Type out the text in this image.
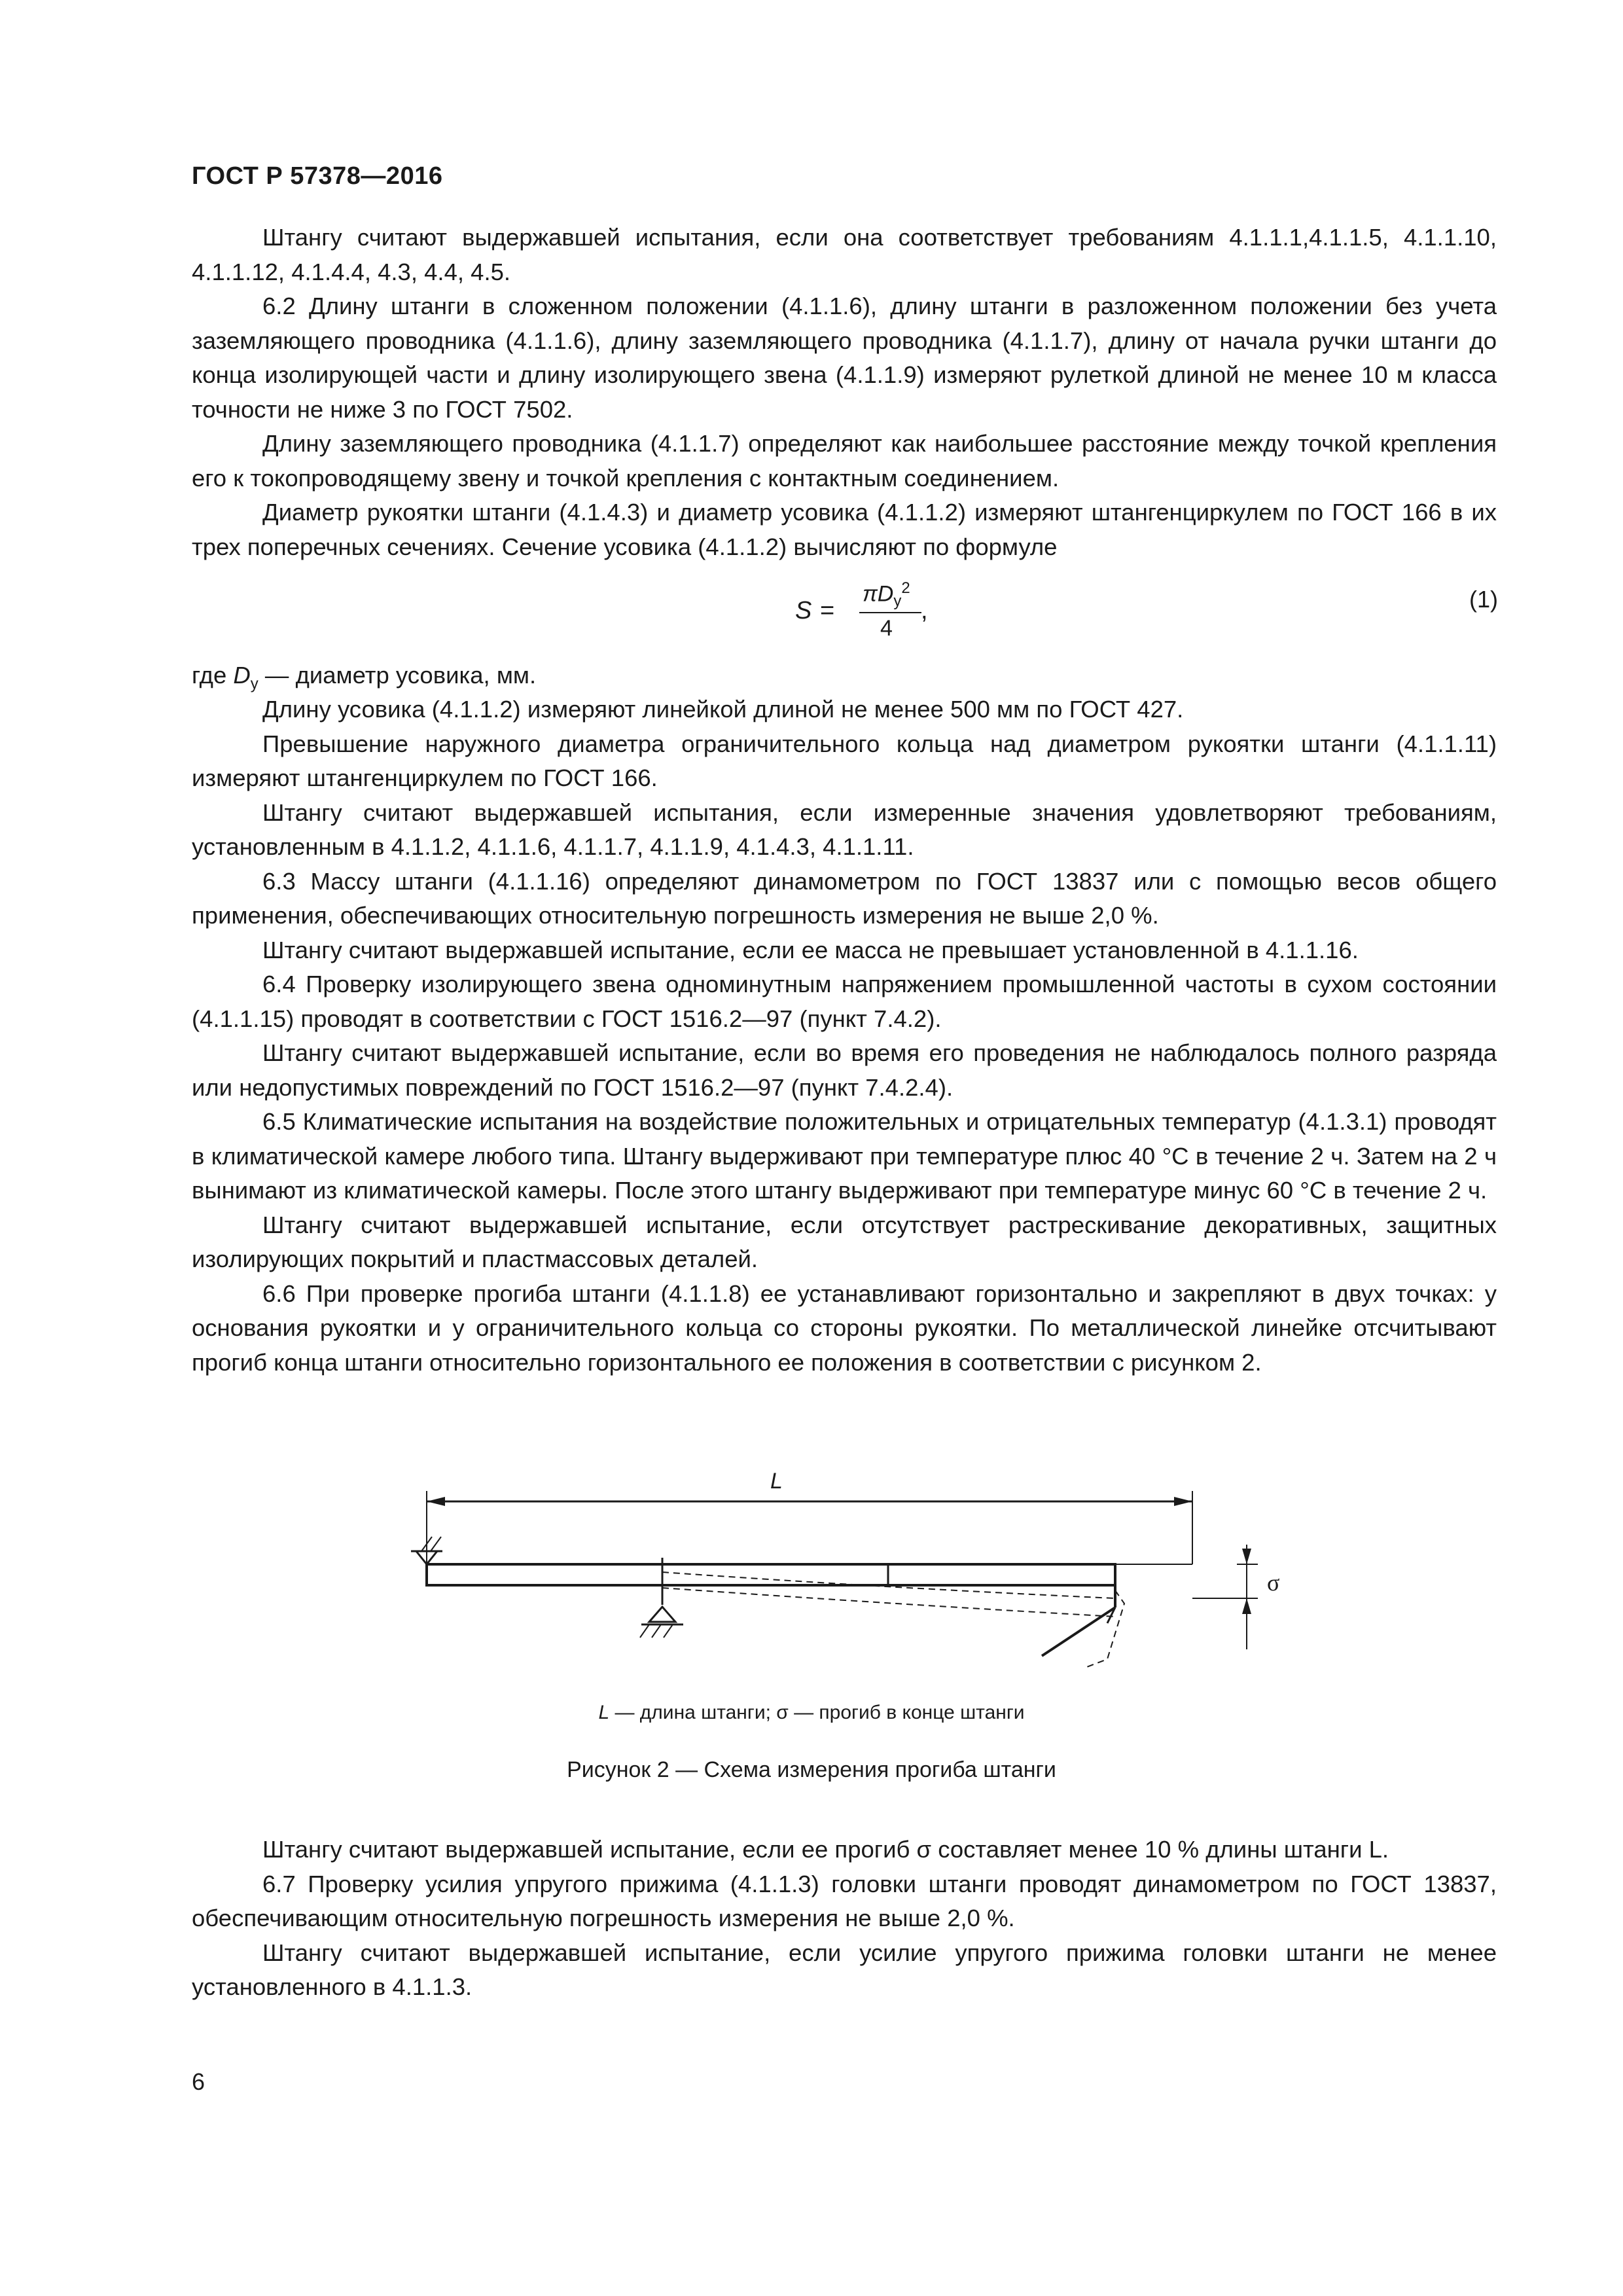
ГОСТ Р 57378—2016

Штангу считают выдержавшей испытания, если она соответствует требованиям 4.1.1.1,4.1.1.5, 4.1.1.10, 4.1.1.12, 4.1.4.4, 4.3, 4.4, 4.5.

6.2 Длину штанги в сложенном положении (4.1.1.6), длину штанги в разложенном положении без учета заземляющего проводника (4.1.1.6), длину заземляющего проводника (4.1.1.7), длину от начала ручки штанги до конца изолирующей части и длину изолирующего звена (4.1.1.9) измеряют рулеткой длиной не менее 10 м класса точности не ниже 3 по ГОСТ 7502.

Длину заземляющего проводника (4.1.1.7) определяют как наибольшее расстояние между точкой крепления его к токопроводящему звену и точкой крепления с контактным соединением.

Диаметр рукоятки штанги (4.1.4.3) и диаметр усовика (4.1.1.2) измеряют штангенциркулем по ГОСТ 166 в их трех поперечных сечениях. Сечение усовика (4.1.1.2) вычисляют по формуле

S =
$\pi D_у^2$
4
,	(1)
где $D_у$ — диаметр усовика, мм.

Длину усовика (4.1.1.2) измеряют линейкой длиной не менее 500 мм по ГОСТ 427.

Превышение наружного диаметра ограничительного кольца над диаметром рукоятки штанги (4.1.1.11) измеряют штангенциркулем по ГОСТ 166.

Штангу считают выдержавшей испытания, если измеренные значения удовлетворяют требованиям, установленным в 4.1.1.2, 4.1.1.6, 4.1.1.7, 4.1.1.9, 4.1.4.3, 4.1.1.11.

6.3 Массу штанги (4.1.1.16) определяют динамометром по ГОСТ 13837 или с помощью весов общего применения, обеспечивающих относительную погрешность измерения не выше 2,0 %.

Штангу считают выдержавшей испытание, если ее масса не превышает установленной в 4.1.1.16.

6.4 Проверку изолирующего звена одноминутным напряжением промышленной частоты в сухом состоянии (4.1.1.15) проводят в соответствии с ГОСТ 1516.2—97 (пункт 7.4.2).

Штангу считают выдержавшей испытание, если во время его проведения не наблюдалось полного разряда или недопустимых повреждений по ГОСТ 1516.2—97 (пункт 7.4.2.4).

6.5 Климатические испытания на воздействие положительных и отрицательных температур (4.1.3.1) проводят в климатической камере любого типа. Штангу выдерживают при температуре плюс 40 °С в течение 2 ч. Затем на 2 ч вынимают из климатической камеры. После этого штангу выдерживают при температуре минус 60 °С в течение 2 ч.

Штангу считают выдержавшей испытание, если отсутствует растрескивание декоративных, защитных изолирующих покрытий и пластмассовых деталей.

6.6 При проверке прогиба штанги (4.1.1.8) ее устанавливают горизонтально и закрепляют в двух точках: у основания рукоятки и у ограничительного кольца со стороны рукоятки. По металлической линейке отсчитывают прогиб конца штанги относительно горизонтального ее положения в соответствии с рисунком 2.

L
σ
L — длина штанги; σ — прогиб в конце штанги
Рисунок 2 — Схема измерения прогиба штанги

Штангу считают выдержавшей испытание, если ее прогиб σ составляет менее 10 % длины штанги L.

6.7 Проверку усилия упругого прижима (4.1.1.3) головки штанги проводят динамометром по ГОСТ 13837, обеспечивающим относительную погрешность измерения не выше 2,0 %.

Штангу считают выдержавшей испытание, если усилие упругого прижима головки штанги не менее установленного в 4.1.1.3.

6
